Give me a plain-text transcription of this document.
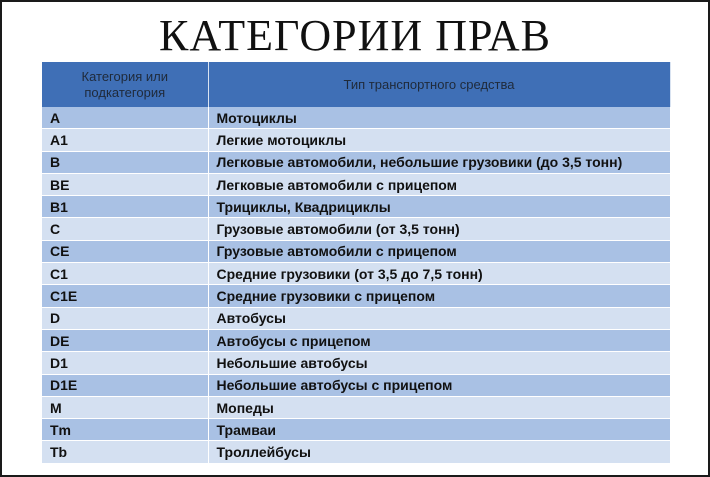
КАТЕГОРИИ ПРАВ
Категория или
подкатегория	Тип транспортного средства
A	Мотоциклы
A1	Легкие мотоциклы
B	Легковые автомобили, небольшие грузовики (до 3,5 тонн)
BE	Легковые автомобили с прицепом
B1	Трициклы, Квадрициклы
C	Грузовые автомобили (от 3,5 тонн)
CE	Грузовые автомобили с прицепом
C1	Средние грузовики (от 3,5 до 7,5 тонн)
C1E	Средние грузовики с прицепом
D	Автобусы
DE	Автобусы с прицепом
D1	Небольшие автобусы
D1E	Небольшие автобусы с прицепом
M	Мопеды
Tm	Трамваи
Tb	Троллейбусы
